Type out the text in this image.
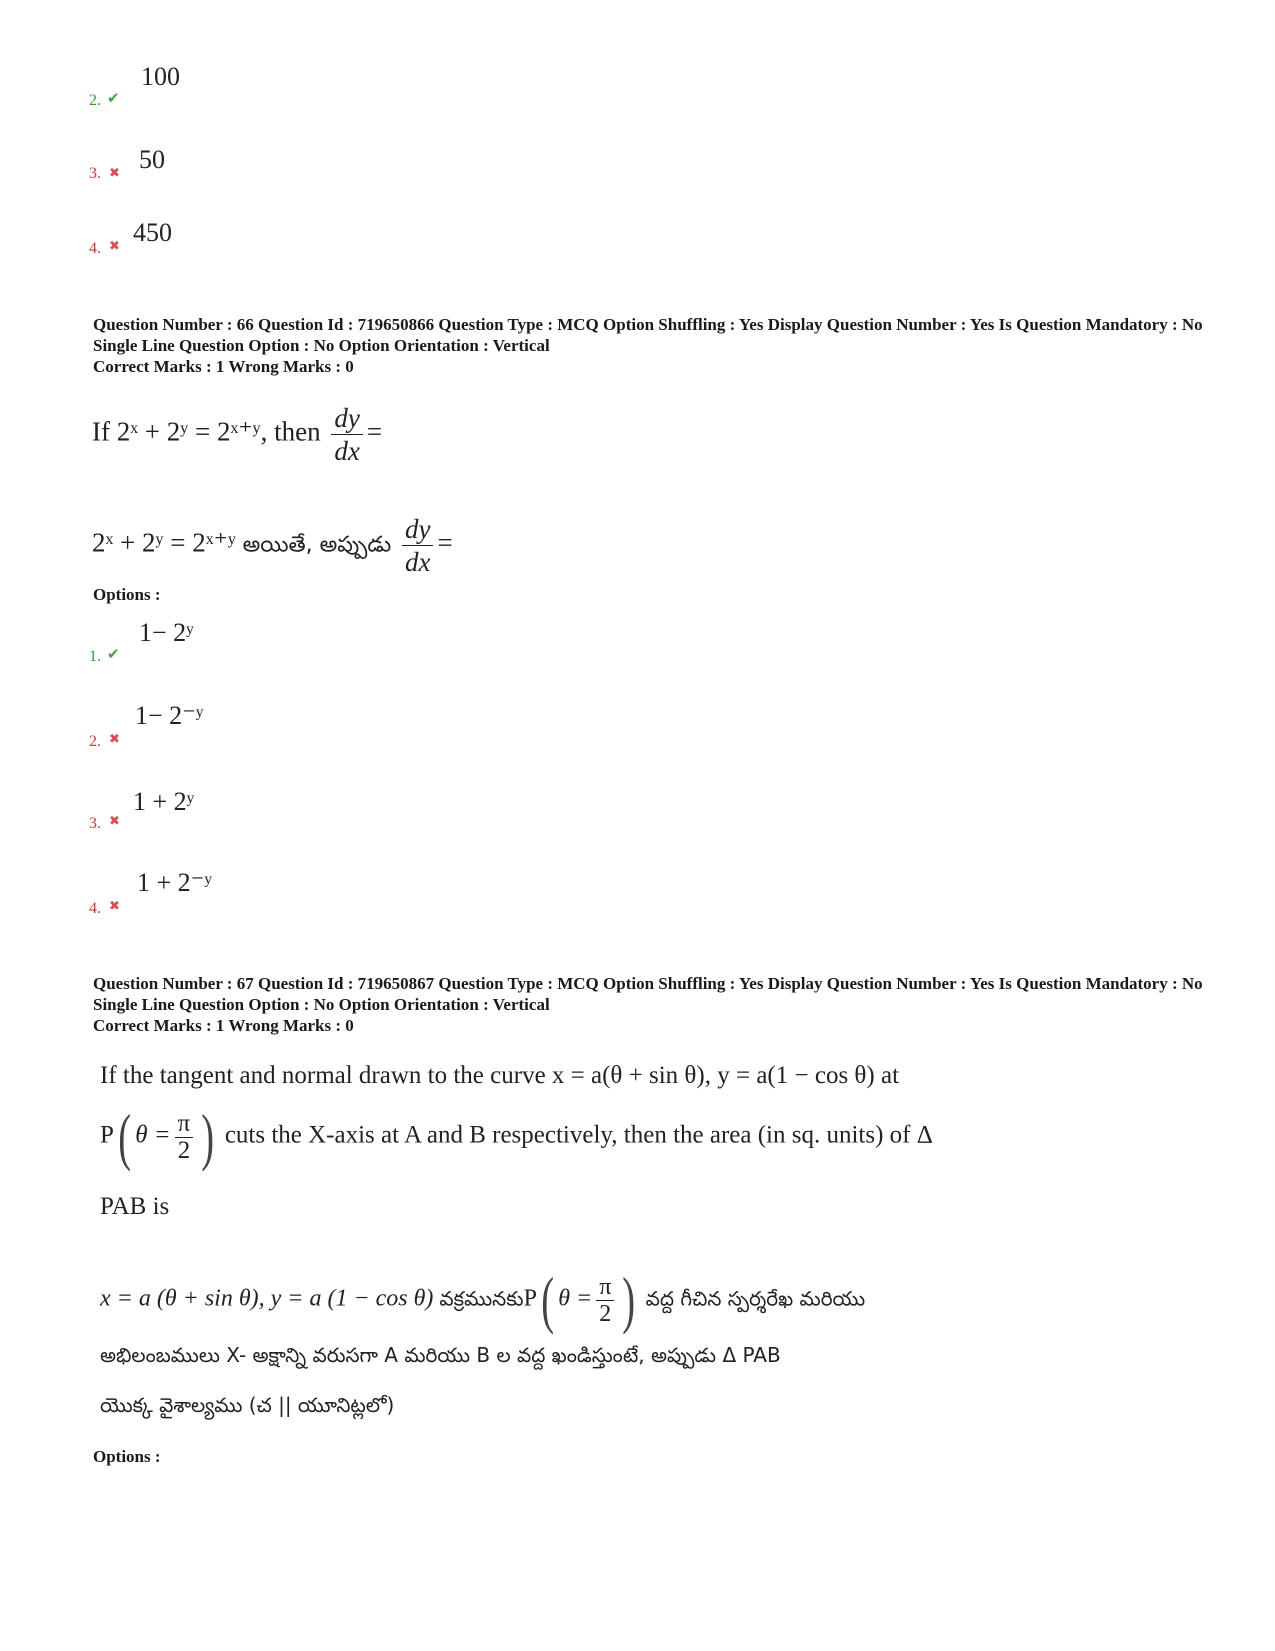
2. ✔
100
3. ✖ 50
4. ✖ 450
Question Number : 66 Question Id : 719650866 Question Type : MCQ Option Shuffling : Yes Display Question Number : Yes Is Question Mandatory : No Single Line Question Option : No Option Orientation : Vertical
Correct Marks : 1 Wrong Marks : 0
If 2ˣ + 2ʸ = 2ˣ⁺ʸ, then $\frac{dy}{dx}$ =
2ˣ + 2ʸ = 2ˣ⁺ʸ అయితే, అప్పుడు $\frac{dy}{dx}$ =
Options :
1. ✔
1− 2ʸ
2. ✖
1− 2⁻ʸ
3. ✖
1 + 2ʸ
4. ✖
1 + 2⁻ʸ
Question Number : 67 Question Id : 719650867 Question Type : MCQ Option Shuffling : Yes Display Question Number : Yes Is Question Mandatory : No Single Line Question Option : No Option Orientation : Vertical
Correct Marks : 1 Wrong Marks : 0
If the tangent and normal drawn to the curve x = a(θ + sin θ), y = a(1 − cos θ) at
P( $\theta = \frac{\pi}{2}$ ) cuts the X-axis at A and B respectively, then the area (in sq. units) of Δ
PAB is
x = a (θ + sin θ), y = a (1 − cos θ) వక్రమునకుP( $\theta = \frac{\pi}{2}$ ) వద్ద గీచిన స్పర్శరేఖ మరియు
అభిలంబములు X- అక్షాన్ని వరుసగా A మరియు B ల వద్ద ఖండిస్తుంటే, అప్పుడు Δ PAB
యొక్క వైశాల్యము (చ || యూనిట్లలో)
Options :
